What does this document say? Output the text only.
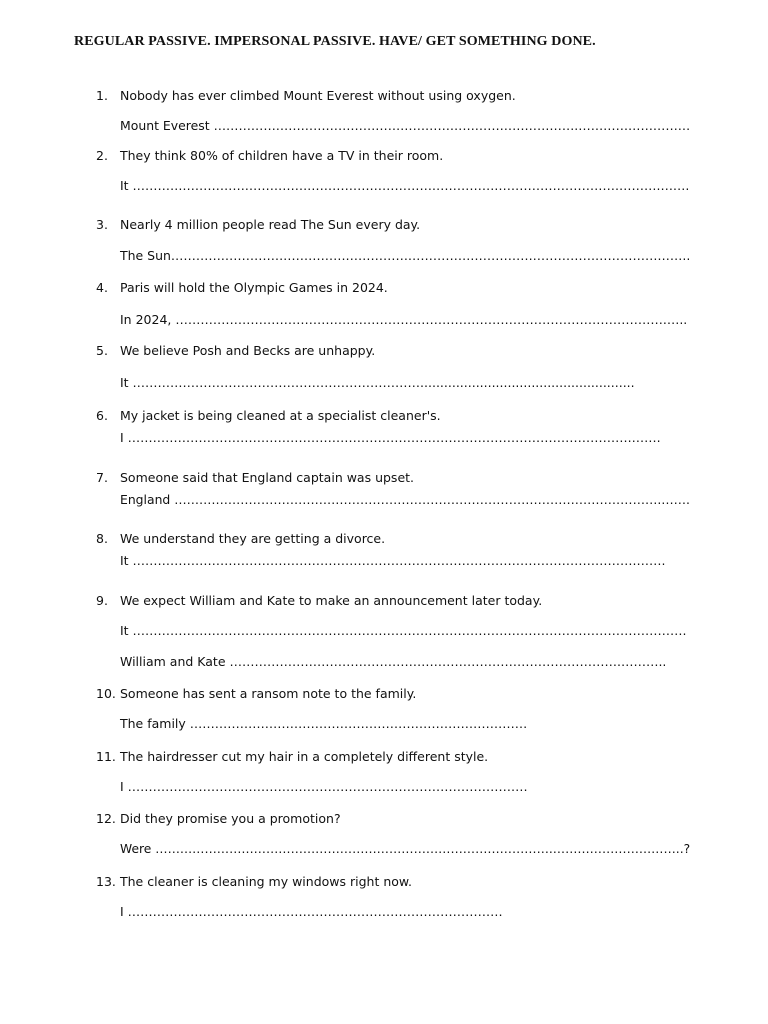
REGULAR PASSIVE. IMPERSONAL PASSIVE. HAVE/ GET SOMETHING DONE.
1. Nobody has ever climbed Mount Everest without using oxygen.
Mount Everest …………………………………………………………………………….………………………
2. They think 80% of children have a TV in their room.
It ……………………………………………………………………………………………………………….…….
3. Nearly 4 million people read The Sun every day.
The Sun……………………………………………………………………………………………………………..
4. Paris will hold the Olympic Games in 2024.
In 2024, ……………………………………………………………………………………………………….…..
5. We believe Posh and Becks are unhappy.
It ……………………………………………………………......................................................
6. My jacket is being cleaned at a specialist cleaner's.
I ………………………………………………………………………………………………………….…….
7. Someone said that England captain was upset.
England ……………………………………………………………………………………………………….…….
8. We understand they are getting a divorce.
It ………………………………………………………………………………………………………….…….
9. We expect William and Kate to make an announcement later today.
It …………………………………………………………………………………………………………………….
William and Kate ………………………………………………………………………………….………..
10. Someone has sent a ransom note to the family.
The family ………………………………………………………………………
11. The hairdresser cut my hair in a completely different style.
I ……………………………………………………………………………………
12. Did they promise you a promotion?
Were …………………………………………………………………………………….…………………………..?
13. The cleaner is cleaning my windows right now.
I ………………………………………………………………………………
